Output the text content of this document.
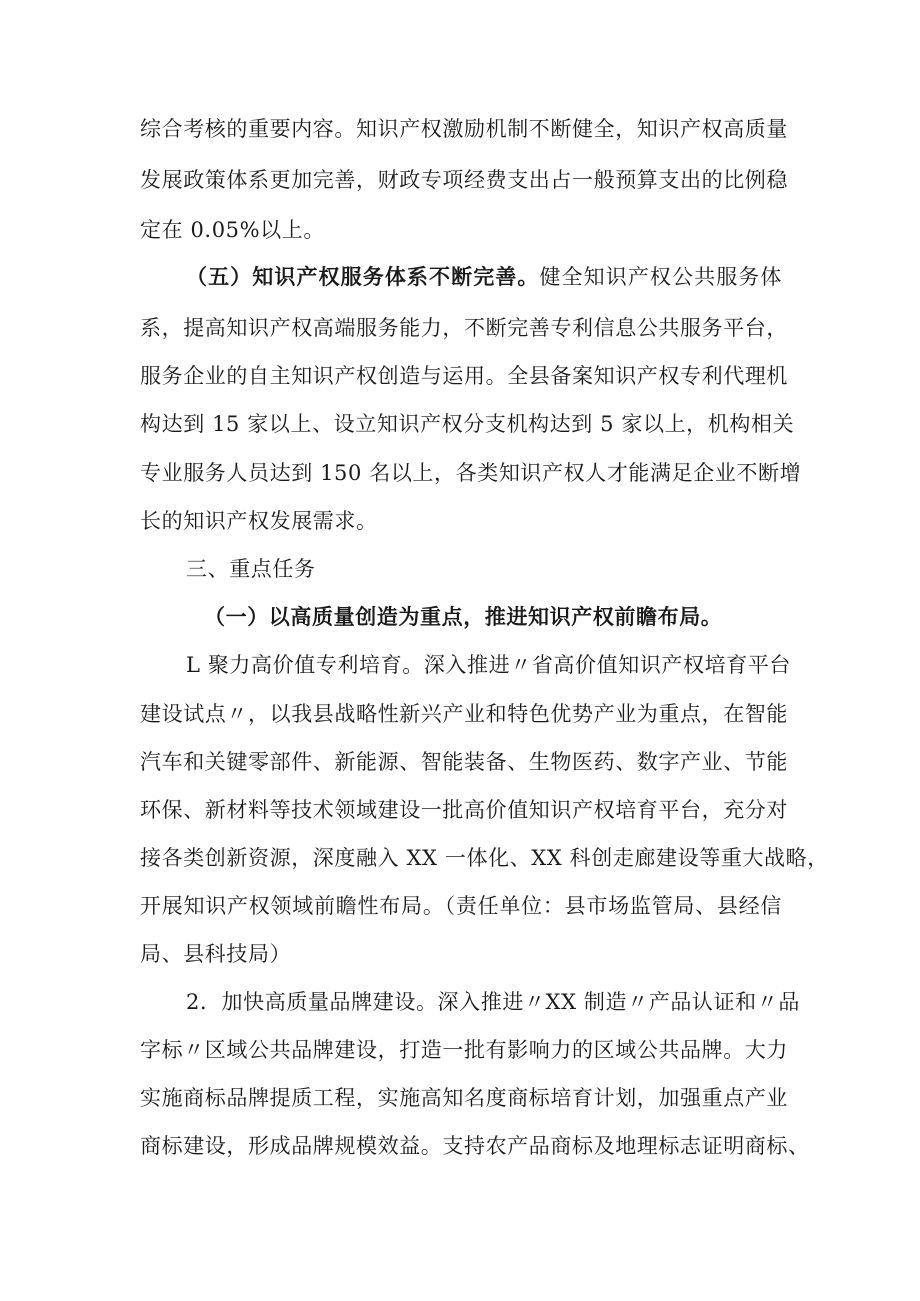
综合考核的重要内容。知识产权激励机制不断健全，知识产权高质量

发展政策体系更加完善，财政专项经费支出占一般预算支出的比例稳

定在 0.05%以上。

（五）知识产权服务体系不断完善。健全知识产权公共服务体

系，提高知识产权高端服务能力，不断完善专利信息公共服务平台，

服务企业的自主知识产权创造与运用。全县备案知识产权专利代理机

构达到 15 家以上、设立知识产权分支机构达到 5 家以上，机构相关

专业服务人员达到 150 名以上，各类知识产权人才能满足企业不断增

长的知识产权发展需求。

三、重点任务

（一）以高质量创造为重点，推进知识产权前瞻布局。

L 聚力高价值专利培育。深入推进〃省高价值知识产权培育平台

建设试点〃，以我县战略性新兴产业和特色优势产业为重点，在智能

汽车和关键零部件、新能源、智能装备、生物医药、数字产业、节能

环保、新材料等技术领域建设一批高价值知识产权培育平台，充分对

接各类创新资源，深度融入 XX 一体化、XX 科创走廊建设等重大战略，

开展知识产权领域前瞻性布局。（责任单位：县市场监管局、县经信

局、县科技局）

2．加快高质量品牌建设。深入推进〃XX 制造〃产品认证和〃品

字标〃区域公共品牌建设，打造一批有影响力的区域公共品牌。大力

实施商标品牌提质工程，实施高知名度商标培育计划，加强重点产业

商标建设，形成品牌规模效益。支持农产品商标及地理标志证明商标、
